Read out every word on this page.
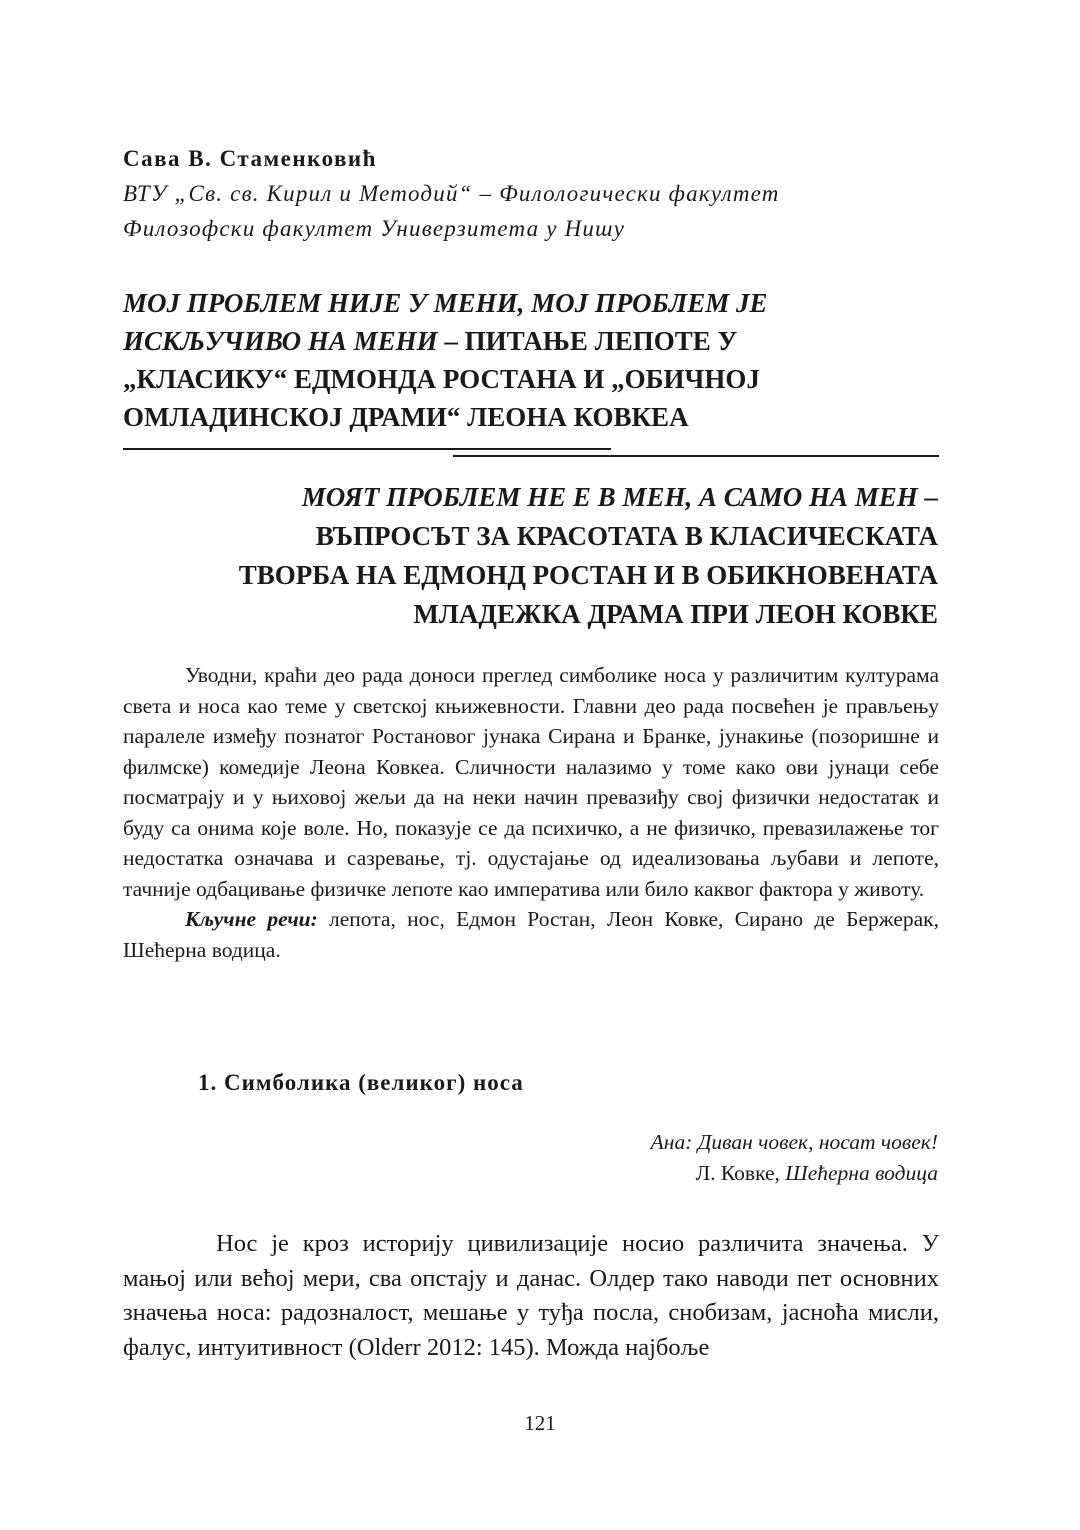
Сава В. Стаменковић
ВТУ „Св. св. Кирил и Методий“ – Филологически факултет
Филозофски факултет Универзитета у Нишу
МОЈ ПРОБЛЕМ НИЈЕ У МЕНИ, МОЈ ПРОБЛЕМ ЈЕ
ИСКЉУЧИВО НА МЕНИ – ПИТАЊЕ ЛЕПОТЕ У
„КЛАСИКУ“ ЕДМОНДА РОСТАНА И „ОБИЧНОЈ
ОМЛАДИНСКОЈ ДРАМИ“ ЛЕОНА КОВКЕА
МОЯТ ПРОБЛЕМ НЕ Е В МЕН, А САМО НА МЕН –
ВЪПРОСЪТ ЗА КРАСОТАТА В КЛАСИЧЕСКАТА
ТВОРБА НА ЕДМОНД РОСТАН И В ОБИКНОВЕНАТА
МЛАДЕЖКА ДРАМА ПРИ ЛЕОН КОВКЕ

Уводни, краћи део рада доноси преглед симболике носа у различитим културама света и носа као теме у светској књижевности. Главни део рада посвећен је прављењу паралеле између познатог Ростановог јунака Сирана и Бранке, јунакиње (позоришне и филмске) комедије Леона Ковкеа. Сличности налазимо у томе како ови јунаци себе посматрају и у њиховој жељи да на неки начин превазиђу свој физички недостатак и буду са онима које воле. Но, показује се да психичко, а не физичко, превазилажење тог недостатка означава и сазревање, тј. одустајање од идеализовања љубави и лепоте, тачније одбацивање физичке лепоте као императива или било каквог фактора у животу.

Кључне речи: лепота, нос, Едмон Ростан, Леон Ковке, Сирано де Бержерак, Шећерна водица.

1. Симболика (великог) носа
Ана: Диван човек, носат човек!
Л. Ковке, Шећерна водица

Нос је кроз историју цивилизације носио различита значења. У мањој или већој мери, сва опстају и данас. Олдер тако наводи пет основних значења носа: радозналост, мешање у туђа посла, снобизам, јасноћа мисли, фалус, интуитивност (Olderr 2012: 145). Можда најбоље

121
